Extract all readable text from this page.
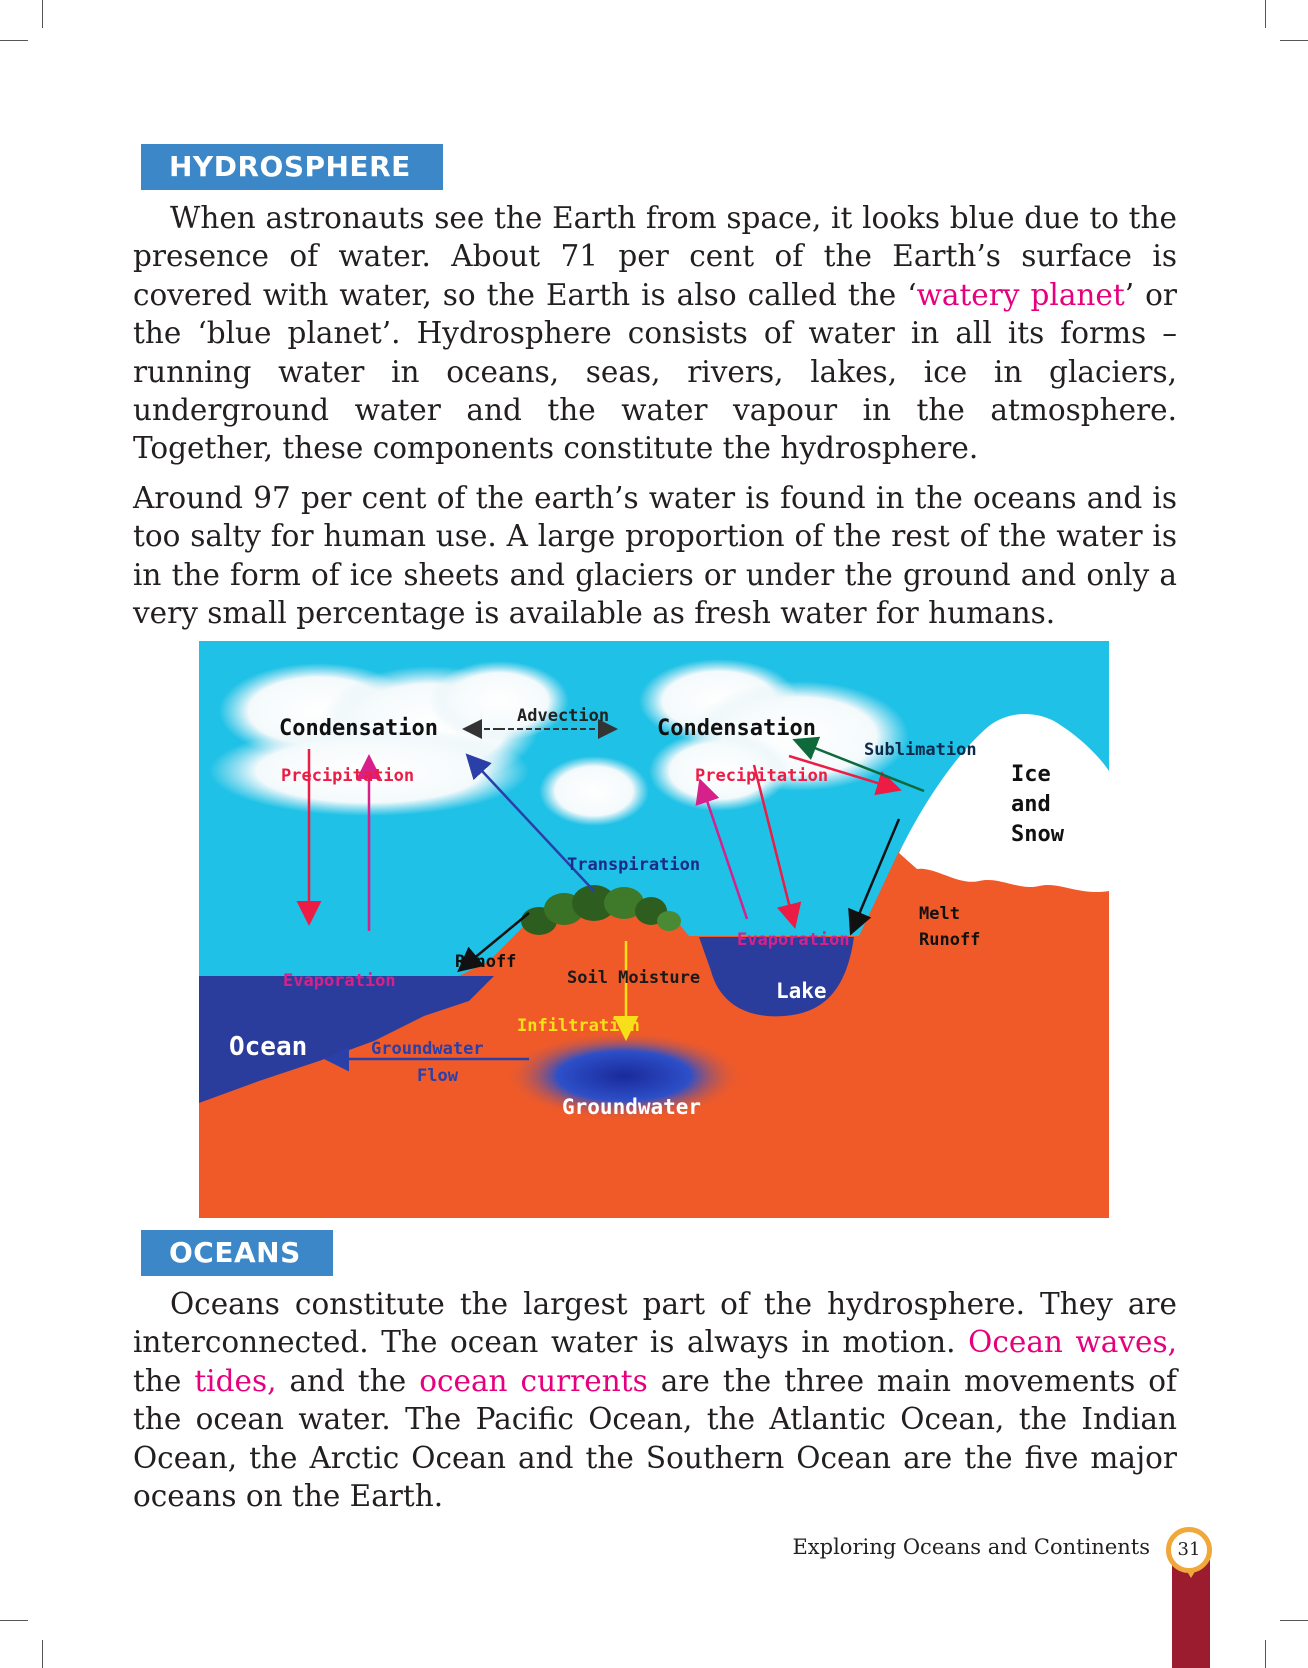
HYDROSPHERE

When astronauts see the Earth from space, it looks blue due to the presence of water. About 71 per cent of the Earth’s surface is covered with water, so the Earth is also called the ‘watery planet’ or the ‘blue planet’. Hydrosphere consists of water in all its forms – running water in oceans, seas, rivers, lakes, ice in glaciers, underground water and the water vapour in the atmosphere. Together, these components constitute the hydrosphere.

Around 97 per cent of the earth’s water is found in the oceans and is too salty for human use. A large proportion of the rest of the water is in the form of ice sheets and glaciers or under the ground and only a very small percentage is available as fresh water for humans.

Condensation	Advection Condensation
Sublimation
Precipitation	Precipitation	Ice
and
Snow
Transpiration
Melt
Runoff
Evaporation
Runoff
Evaporation	Soil Moisture
Lake
Infiltration
Ocean	Groundwater
Flow
Groundwater
OCEANS

Oceans constitute the largest part of the hydrosphere. They are interconnected. The ocean water is always in motion. Ocean waves, the tides, and the ocean currents are the three main movements of the ocean water. The Pacific Ocean, the Atlantic Ocean, the Indian Ocean, the Arctic Ocean and the Southern Ocean are the five major oceans on the Earth.

Exploring Oceans and Continents	31
